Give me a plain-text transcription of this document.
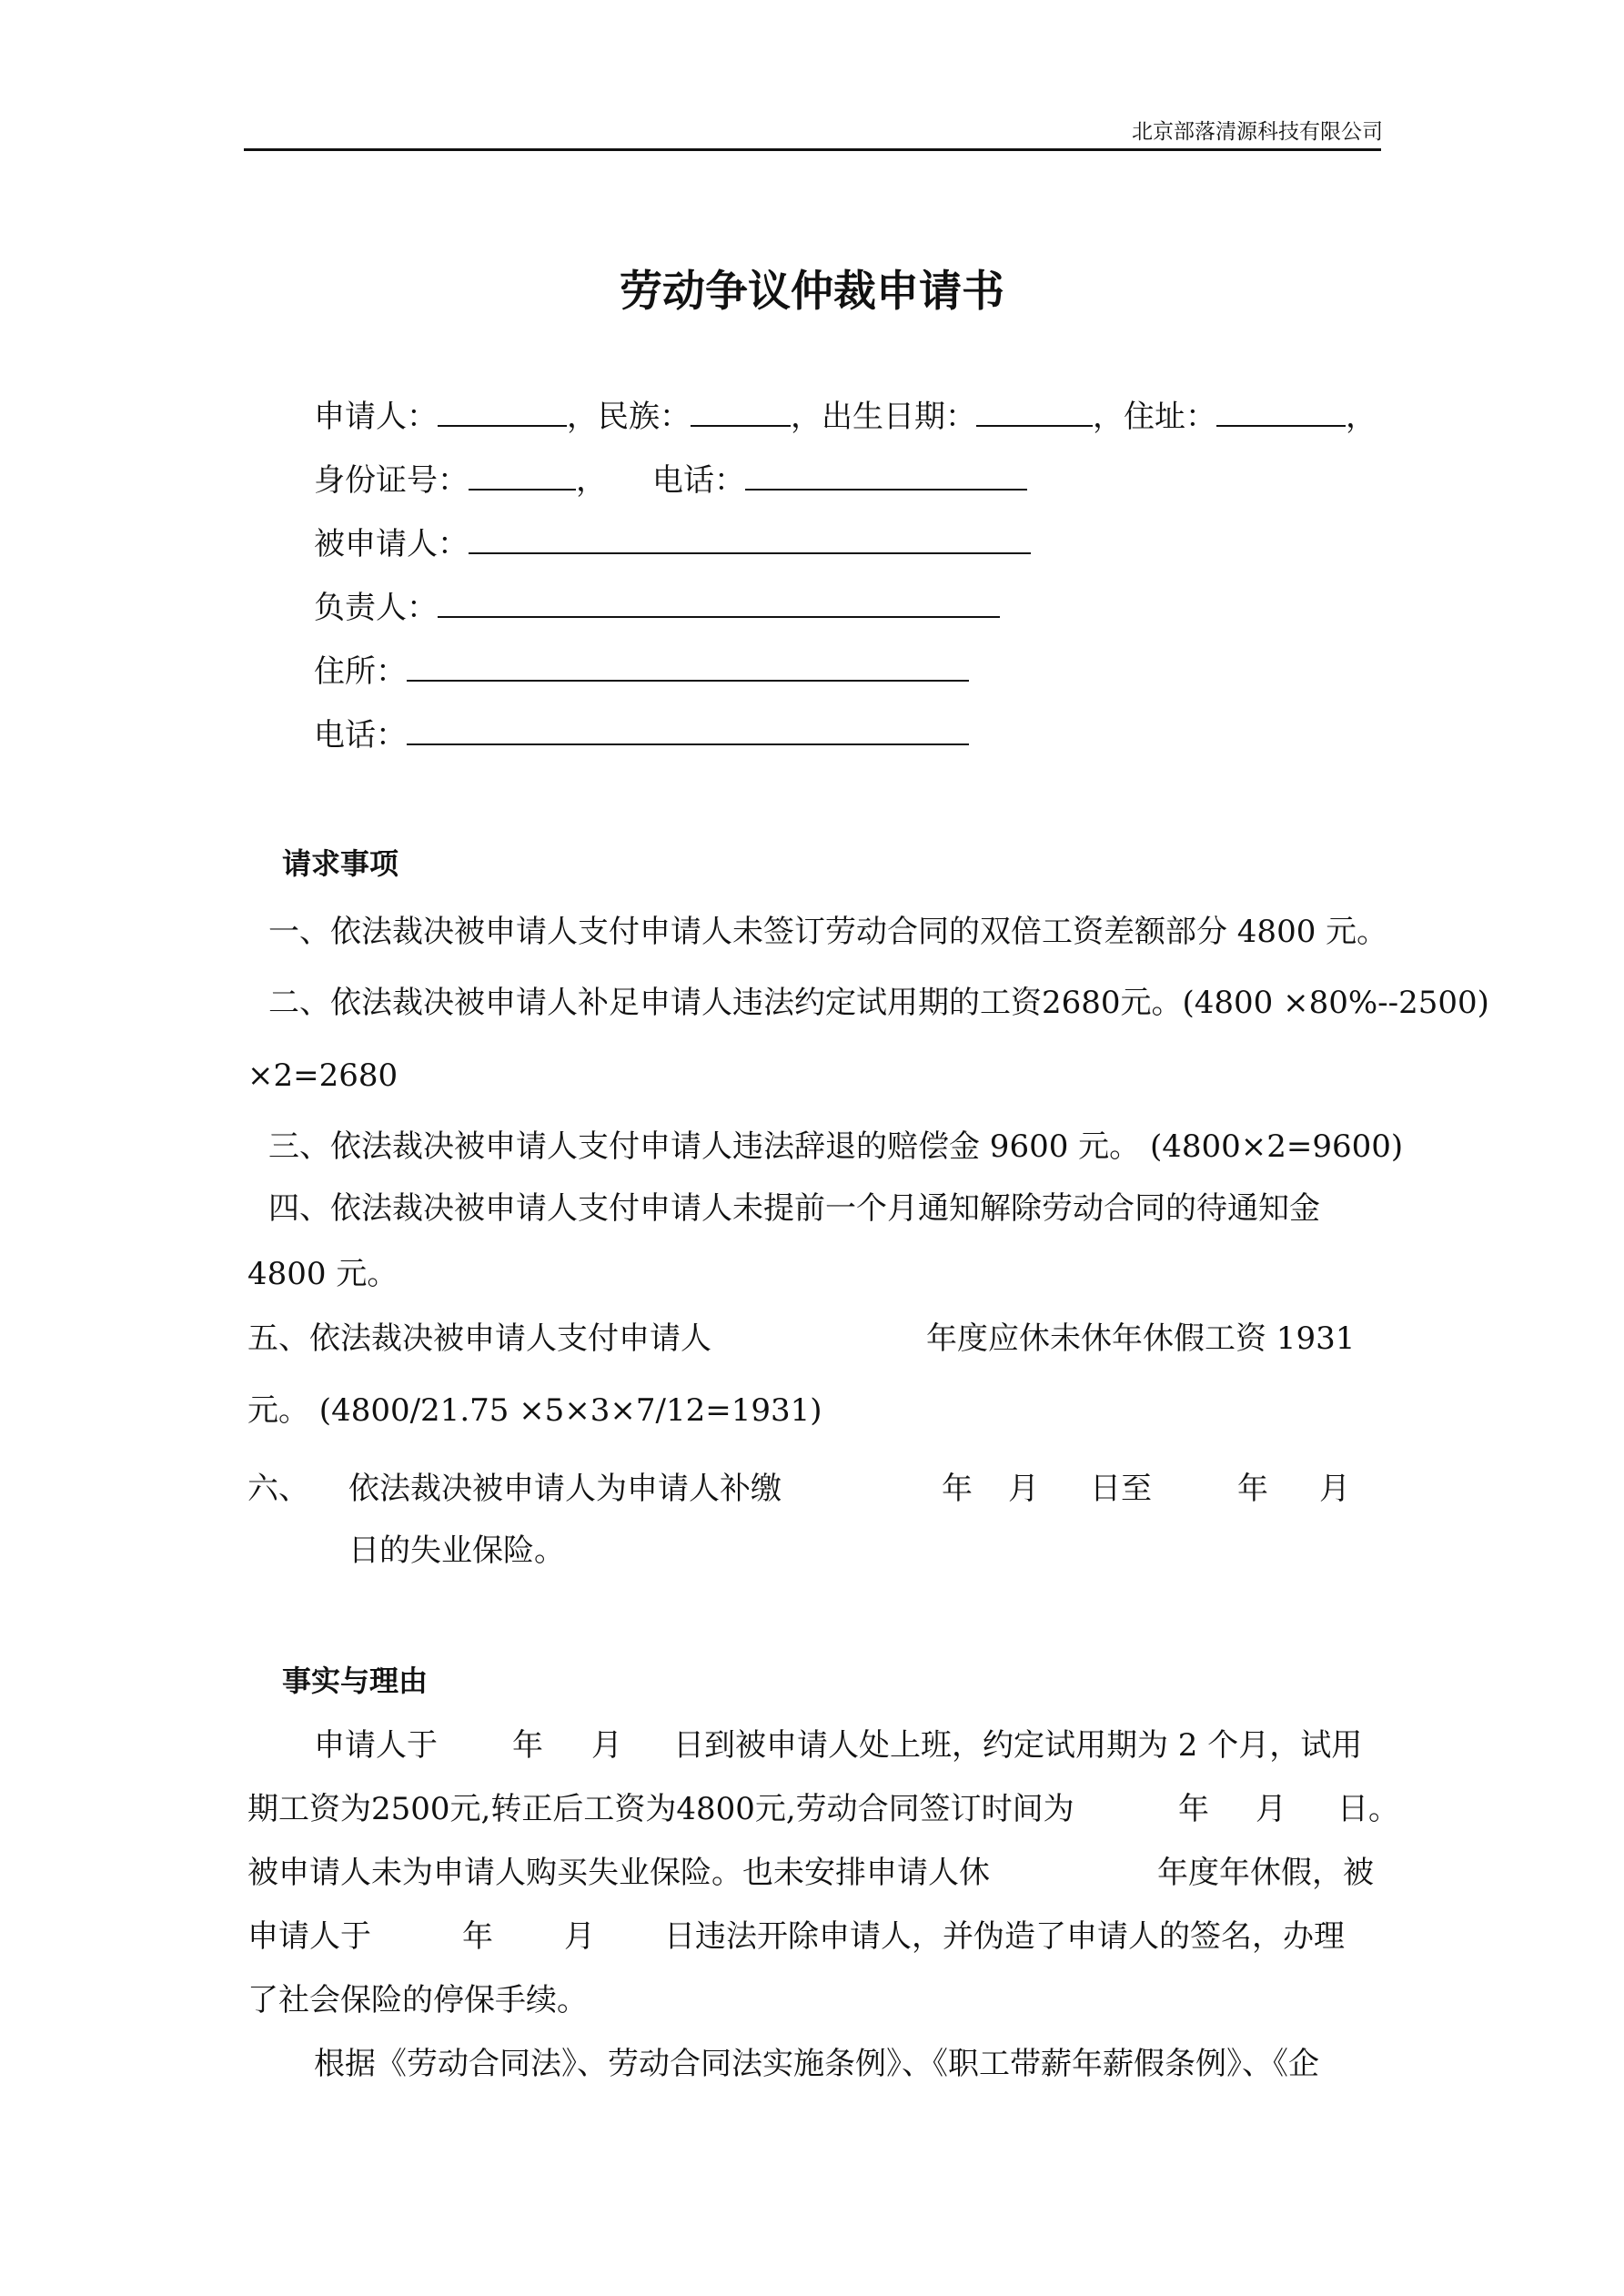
北京部落清源科技有限公司
劳动争议仲裁申请书
申请人：	，民族：	，出生日期：	，住址：	，
身份证号：	， 电话：
被申请人：
负责人：
住所：
电话：
请求事项
一、依法裁决被申请人支付申请人未签订劳动合同的双倍工资差额部分 4800 元。
二、依法裁决被申请人补足申请人违法约定试用期的工资2680元。(4800 ×80%--2500)
×2=2680
三、依法裁决被申请人支付申请人违法辞退的赔偿金 9600 元。 (4800×2=9600)
四、依法裁决被申请人支付申请人未提前一个月通知解除劳动合同的待通知金
4800 元。
五、依法裁决被申请人支付申请人	年度应休未休年休假工资 1931
元。 (4800/21.75 ×5×3×7/12=1931)
六、 依法裁决被申请人为申请人补缴	年 月 日至	年 月
日的失业保险。
事实与理由
申请人于 年 月 日到被申请人处上班，约定试用期为 2 个月，试用
期工资为2500元,转正后工资为4800元,劳动合同签订时间为	年 月 日。
被申请人未为申请人购买失业保险。也未安排申请人休	年度年休假，被
申请人于	年 月 日违法开除申请人，并伪造了申请人的签名，办理
了社会保险的停保手续。
根据《劳动合同法》、劳动合同法实施条例》、《职工带薪年薪假条例》、《企
